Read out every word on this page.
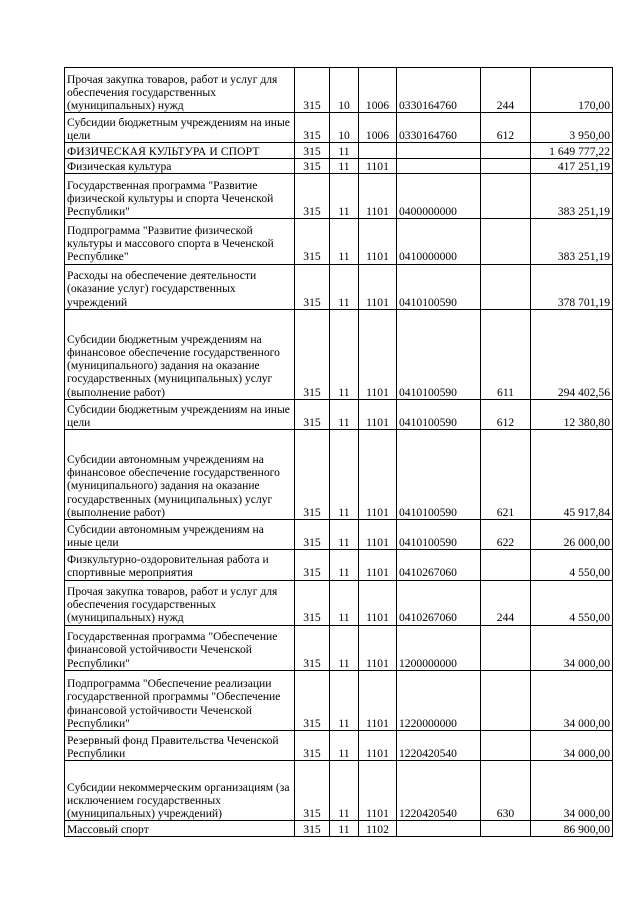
Прочая закупка товаров, работ и услуг для обеспечения государственных (муниципальных) нужд	315	10	1006	0330164760	244	170,00
Субсидии бюджетным учреждениям на иные цели	315	10	1006	0330164760	612	3 950,00
ФИЗИЧЕСКАЯ КУЛЬТУРА И СПОРТ	315	11				1 649 777,22
Физическая культура	315	11	1101			417 251,19
Государственная программа "Развитие физической культуры и спорта Чеченской Республики"	315	11	1101	0400000000		383 251,19
Подпрограмма "Развитие физической культуры и массового спорта в Чеченской Республике"	315	11	1101	0410000000		383 251,19
Расходы на обеспечение деятельности (оказание услуг) государственных учреждений	315	11	1101	0410100590		378 701,19
Субсидии бюджетным учреждениям на финансовое обеспечение государственного (муниципального) задания на оказание государственных (муниципальных) услуг (выполнение работ)	315	11	1101	0410100590	611	294 402,56
Субсидии бюджетным учреждениям на иные цели	315	11	1101	0410100590	612	12 380,80
Субсидии автономным учреждениям на финансовое обеспечение государственного (муниципального) задания на оказание государственных (муниципальных) услуг (выполнение работ)	315	11	1101	0410100590	621	45 917,84
Субсидии автономным учреждениям на иные цели	315	11	1101	0410100590	622	26 000,00
Физкультурно-оздоровительная работа и спортивные мероприятия	315	11	1101	0410267060		4 550,00
Прочая закупка товаров, работ и услуг для обеспечения государственных (муниципальных) нужд	315	11	1101	0410267060	244	4 550,00
Государственная программа "Обеспечение финансовой устойчивости Чеченской Республики"	315	11	1101	1200000000		34 000,00
Подпрограмма "Обеспечение реализации государственной программы "Обеспечение финансовой устойчивости Чеченской Республики"	315	11	1101	1220000000		34 000,00
Резервный фонд Правительства Чеченской Республики	315	11	1101	1220420540		34 000,00
Субсидии некоммерческим организациям (за исключением государственных (муниципальных) учреждений)	315	11	1101	1220420540	630	34 000,00
Массовый спорт	315	11	1102			86 900,00
